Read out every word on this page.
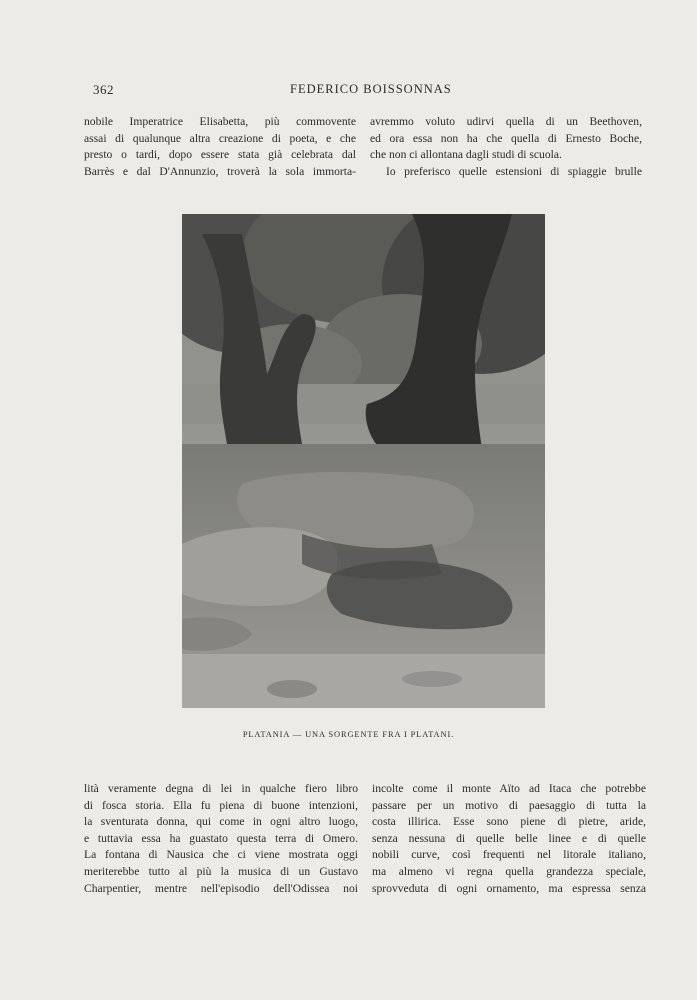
362	FEDERICO BOISSONNAS
nobile Imperatrice Elisabetta, più commovente
assai di qualunque altra creazione di poeta, e che
presto o tardi, dopo essere stata già celebrata dal
Barrès e dal D'Annunzio, troverà la sola immorta-
avremmo voluto udirvi quella di un Beethoven,
ed ora essa non ha che quella di Ernesto Boche,
che non ci allontana dagli studi di scuola.
Io preferisco quelle estensioni di spiaggie brulle
PLATANIA — UNA SORGENTE FRA I PLATANI.
lità veramente degna di lei in qualche fiero libro
di fosca storia. Ella fu piena di buone intenzioni,
la sventurata donna, qui come in ogni altro luogo,
e tuttavia essa ha guastato questa terra di Omero.
La fontana di Nausica che ci viene mostrata oggi
meriterebbe tutto al più la musica di un Gustavo
Charpentier, mentre nell'episodio dell'Odissea noi
incolte come il monte Aïto ad Itaca che potrebbe
passare per un motivo di paesaggio di tutta la
costa illirica. Esse sono piene di pietre, aride,
senza nessuna di quelle belle linee e di quelle
nobili curve, così frequenti nel litorale italiano,
ma almeno vi regna quella grandezza speciale,
sprovveduta di ogni ornamento, ma espressa senza
